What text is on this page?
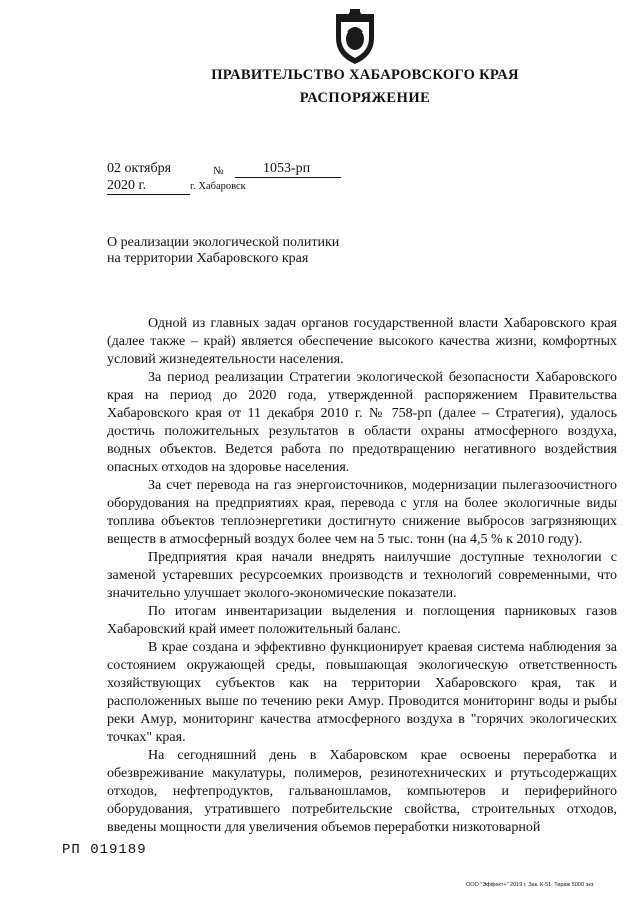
ПРАВИТЕЛЬСТВО ХАБАРОВСКОГО КРАЯ
РАСПОРЯЖЕНИЕ
02 октября 2020 г.
№	1053-рп
г. Хабаровск
О реализации экологической политики на территории Хабаровского края

Одной из главных задач органов государственной власти Хабаровского края (далее также – край) является обеспечение высокого качества жизни, комфортных условий жизнедеятельности населения.

За период реализации Стратегии экологической безопасности Хабаровского края на период до 2020 года, утвержденной распоряжением Правительства Хабаровского края от 11 декабря 2010 г. № 758-рп (далее – Стратегия), удалось достичь положительных результатов в области охраны атмосферного воздуха, водных объектов. Ведется работа по предотвращению негативного воздействия опасных отходов на здоровье населения.

За счет перевода на газ энергоисточников, модернизации пылегазоочистного оборудования на предприятиях края, перевода с угля на более экологичные виды топлива объектов теплоэнергетики достигнуто снижение выбросов загрязняющих веществ в атмосферный воздух более чем на 5 тыс. тонн (на 4,5 % к 2010 году).

Предприятия края начали внедрять наилучшие доступные технологии с заменой устаревших ресурсоемких производств и технологий современными, что значительно улучшает эколого-экономические показатели.

По итогам инвентаризации выделения и поглощения парниковых газов Хабаровский край имеет положительный баланс.

В крае создана и эффективно функционирует краевая система наблюдения за состоянием окружающей среды, повышающая экологическую ответственность хозяйствующих субъектов как на территории Хабаровского края, так и расположенных выше по течению реки Амур. Проводится мониторинг воды и рыбы реки Амур, мониторинг качества атмосферного воздуха в "горячих экологических точках" края.

На сегодняшний день в Хабаровском крае освоены переработка и обезвреживание макулатуры, полимеров, резинотехнических и ртутьсодержащих отходов, нефтепродуктов, гальваношламов, компьютеров и периферийного оборудования, утратившего потребительские свойства, строительных отходов, введены мощности для увеличения объемов переработки низкотоварной

РП 019189
ООО "Эффект+" 2019 г. Зак. К-51. Тираж 5000 экз
